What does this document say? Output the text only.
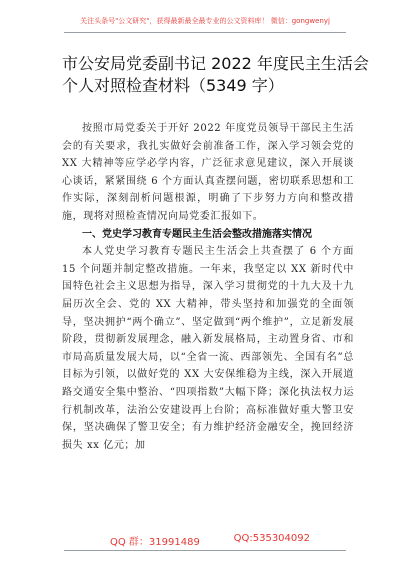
关注头条号"公文研究"，获得最新最全最专业的公文资料库！ 微信：gongwenyj
市公安局党委副书记 2022 年度民主生活会
个人对照检查材料（5349 字）

按照市局党委关于开好 2022 年度党员领导干部民主生活会的有关要求，我扎实做好会前准备工作，深入学习领会党的 XX 大精神等应学必学内容，广泛征求意见建议，深入开展谈心谈话，紧紧围绕 6 个方面认真查摆问题，密切联系思想和工作实际，深刻剖析问题根源，明确了下步努力方向和整改措施，现将对照检查情况向局党委汇报如下。

一、党史学习教育专题民主生活会整改措施落实情况

本人党史学习教育专题民主生活会上共查摆了 6 个方面 15 个问题并制定整改措施。一年来，我坚定以 XX 新时代中国特色社会主义思想为指导，深入学习贯彻党的十九大及十九届历次全会、党的 XX 大精神，带头坚持和加强党的全面领导，坚决拥护“两个确立”、坚定做到“两个维护”，立足新发展阶段，贯彻新发展理念，融入新发展格局，主动置身省、市和市局高质量发展大局，以“全省一流、西部领先、全国有名”总目标为引领，以做好党的 XX 大安保维稳为主线，深入开展道路交通安全集中整治、“四项指数”大幅下降；深化执法权力运行机制改革，法治公安建设再上台阶；高标准做好重大警卫安保，坚决确保了警卫安全；有力维护经济金融安全，挽回经济损失 xx 亿元；加

QQ 群：31991489	QQ:535304092
